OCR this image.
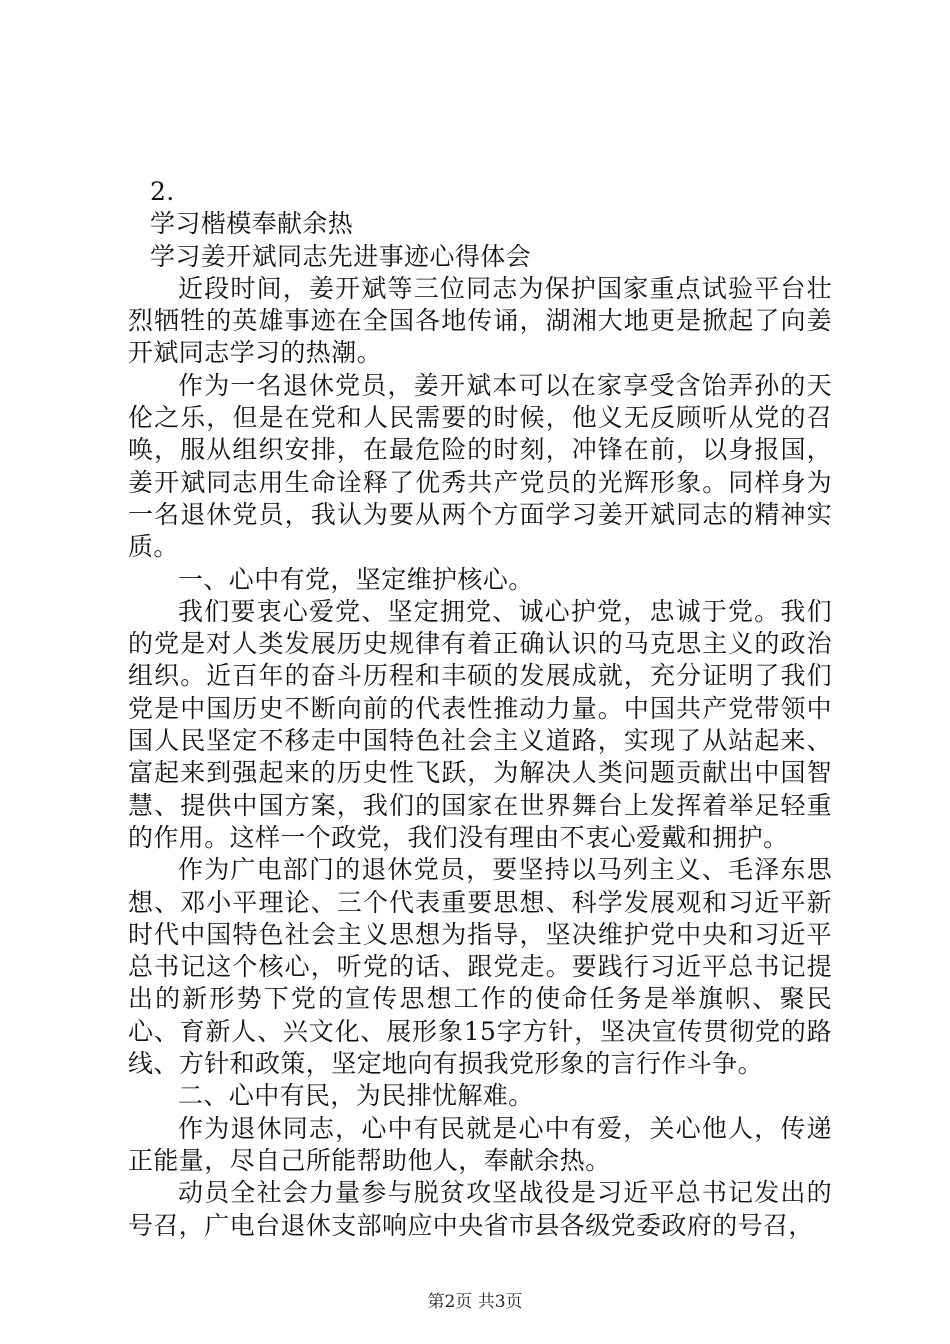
2.

学习楷模奉献余热

学习姜开斌同志先进事迹心得体会

近段时间，姜开斌等三位同志为保护国家重点试验平台壮烈牺牲的英雄事迹在全国各地传诵，湖湘大地更是掀起了向姜开斌同志学习的热潮。

作为一名退休党员，姜开斌本可以在家享受含饴弄孙的天伦之乐，但是在党和人民需要的时候，他义无反顾听从党的召唤，服从组织安排，在最危险的时刻，冲锋在前，以身报国，姜开斌同志用生命诠释了优秀共产党员的光辉形象。同样身为一名退休党员，我认为要从两个方面学习姜开斌同志的精神实质。

一、心中有党，坚定维护核心。

我们要衷心爱党、坚定拥党、诚心护党，忠诚于党。我们的党是对人类发展历史规律有着正确认识的马克思主义的政治组织。近百年的奋斗历程和丰硕的发展成就，充分证明了我们党是中国历史不断向前的代表性推动力量。中国共产党带领中国人民坚定不移走中国特色社会主义道路，实现了从站起来、富起来到强起来的历史性飞跃，为解决人类问题贡献出中国智慧、提供中国方案，我们的国家在世界舞台上发挥着举足轻重的作用。这样一个政党，我们没有理由不衷心爱戴和拥护。

作为广电部门的退休党员，要坚持以马列主义、毛泽东思想、邓小平理论、三个代表重要思想、科学发展观和习近平新时代中国特色社会主义思想为指导，坚决维护党中央和习近平总书记这个核心，听党的话、跟党走。要践行习近平总书记提出的新形势下党的宣传思想工作的使命任务是举旗帜、聚民心、育新人、兴文化、展形象15字方针，坚决宣传贯彻党的路线、方针和政策，坚定地向有损我党形象的言行作斗争。

二、心中有民，为民排忧解难。

作为退休同志，心中有民就是心中有爱，关心他人，传递正能量，尽自己所能帮助他人，奉献余热。

动员全社会力量参与脱贫攻坚战役是习近平总书记发出的号召，广电台退休支部响应中央省市县各级党委政府的号召，

第2页 共3页
